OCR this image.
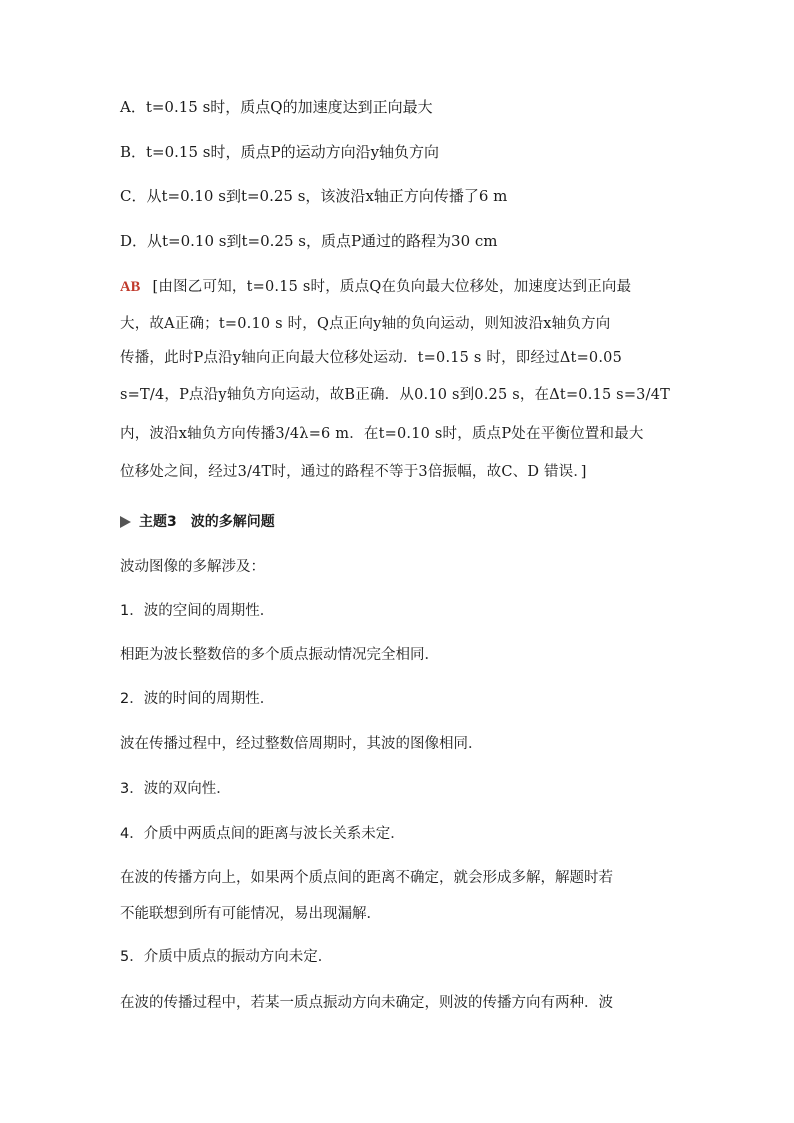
A．t=0.15 s时，质点Q的加速度达到正向最大
B．t=0.15 s时，质点P的运动方向沿y轴负方向
C．从t=0.10 s到t=0.25 s，该波沿x轴正方向传播了6 m
D．从t=0.10 s到t=0.25 s，质点P通过的路程为30 cm
AB [由图乙可知，t=0.15 s时，质点Q在负向最大位移处，加速度达到正向最
大，故A正确；t=0.10 s 时，Q点正向y轴的负向运动，则知波沿x轴负方向
传播，此时P点沿y轴向正向最大位移处运动．t=0.15 s 时，即经过Δt=0.05
s=T/4，P点沿y轴负方向运动，故B正确．从0.10 s到0.25 s，在Δt=0.15 s=3/4T
内，波沿x轴负方向传播3/4λ=6 m．在t=0.10 s时，质点P处在平衡位置和最大
位移处之间，经过3/4T时，通过的路程不等于3倍振幅，故C、D 错误．]
主题3　波的多解问题
波动图像的多解涉及：
1．波的空间的周期性．
相距为波长整数倍的多个质点振动情况完全相同．
2．波的时间的周期性．
波在传播过程中，经过整数倍周期时，其波的图像相同．
3．波的双向性．
4．介质中两质点间的距离与波长关系未定．
在波的传播方向上，如果两个质点间的距离不确定，就会形成多解，解题时若
不能联想到所有可能情况，易出现漏解．
5．介质中质点的振动方向未定．
在波的传播过程中，若某一质点振动方向未确定，则波的传播方向有两种．波
